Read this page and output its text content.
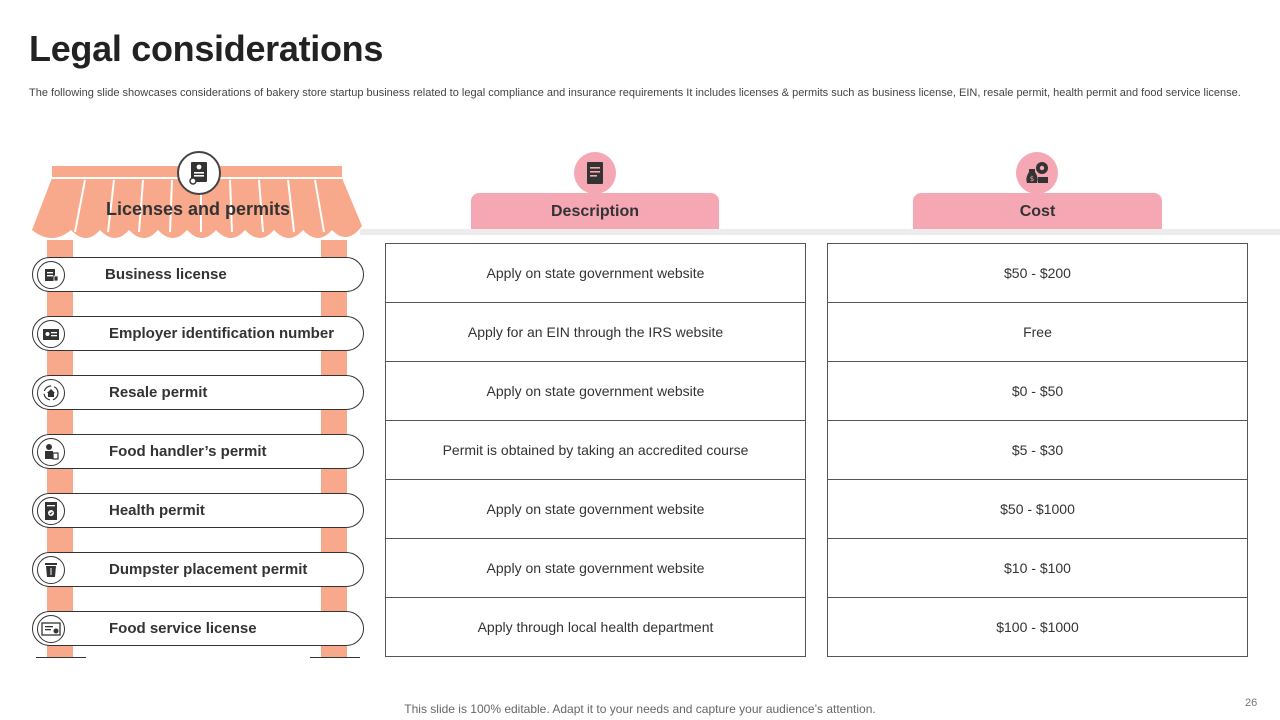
Legal considerations
The following slide showcases considerations of bakery store startup business related to legal compliance and insurance requirements It includes licenses & permits such as business license, EIN, resale permit, health permit and food service license.
Licenses and permits
$
Description	Cost
Business license
Employer identification number
Resale permit
Food handler’s permit
Health permit
Dumpster placement permit
Food service license
Apply on state government website
Apply for an EIN through the IRS website
Apply on state government website
Permit is obtained by taking an accredited course
Apply on state government website
Apply on state government website
Apply through local health department
$50 - $200
Free
$0 - $50
$5 - $30
$50 - $1000
$10 - $100
$100 - $1000
This slide is 100% editable. Adapt it to your needs and capture your audience’s attention.	26
